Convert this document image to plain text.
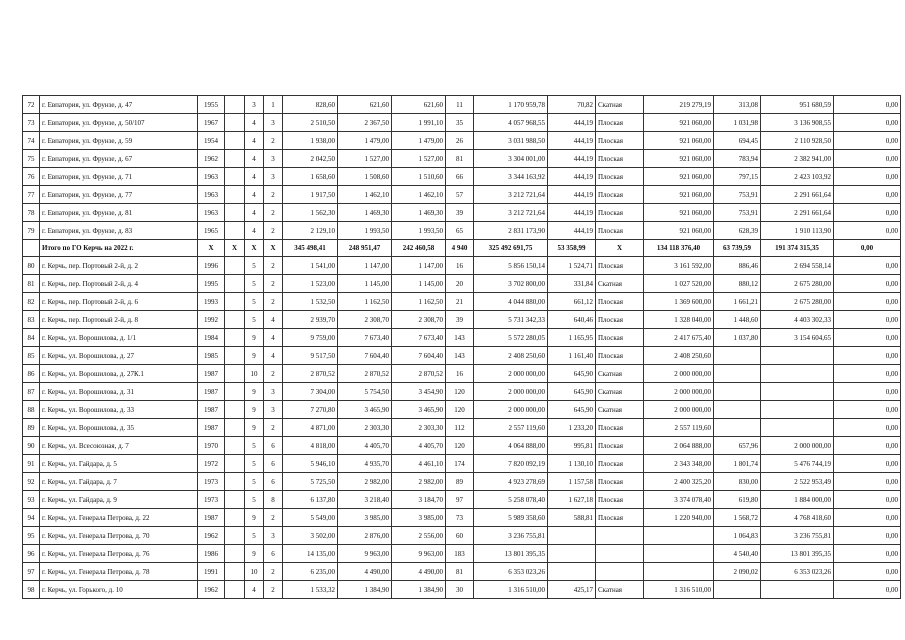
72	г. Евпатория, ул. Фрунзе, д. 47	1955		3	1	828,60	621,60	621,60	11	1 170 959,78	70,82	Скатная	219 279,19	313,08	951 680,59	0,00
73	г. Евпатория, ул. Фрунзе, д. 50/107	1967		4	3	2 510,50	2 367,50	1 991,10	35	4 057 968,55	444,19	Плоская	921 060,00	1 031,98	3 136 908,55	0,00
74	г. Евпатория, ул. Фрунзе, д. 59	1954		4	2	1 938,00	1 479,00	1 479,00	26	3 031 988,50	444,19	Плоская	921 060,00	694,45	2 110 928,50	0,00
75	г. Евпатория, ул. Фрунзе, д. 67	1962		4	3	2 042,50	1 527,00	1 527,00	81	3 304 001,00	444,19	Плоская	921 060,00	783,94	2 382 941,00	0,00
76	г. Евпатория, ул. Фрунзе, д. 71	1963		4	3	1 658,60	1 508,60	1 510,60	66	3 344 163,92	444,19	Плоская	921 060,00	797,15	2 423 103,92	0,00
77	г. Евпатория, ул. Фрунзе, д. 77	1963		4	2	1 917,50	1 462,10	1 462,10	57	3 212 721,64	444,19	Плоская	921 060,00	753,91	2 291 661,64	0,00
78	г. Евпатория, ул. Фрунзе, д. 81	1963		4	2	1 562,30	1 469,30	1 469,30	39	3 212 721,64	444,19	Плоская	921 060,00	753,91	2 291 661,64	0,00
79	г. Евпатория, ул. Фрунзе, д. 83	1965		4	2	2 129,10	1 993,50	1 993,50	65	2 831 173,90	444,19	Плоская	921 060,00	628,39	1 910 113,90	0,00
	Итого по ГО Керчь на 2022 г.	X	X	X	X	345 498,41	248 951,47	242 460,58	4 940	325 492 691,75	53 358,99	X	134 118 376,40	63 739,59	191 374 315,35	0,00
80	г. Керчь, пер. Портовый 2-й, д. 2	1996		5	2	1 541,00	1 147,00	1 147,00	16	5 856 150,14	1 524,71	Плоская	3 161 592,00	886,46	2 694 558,14	0,00
81	г. Керчь, пер. Портовый 2-й, д. 4	1995		5	2	1 523,00	1 145,00	1 145,00	20	3 702 800,00	331,84	Скатная	1 027 520,00	880,12	2 675 280,00	0,00
82	г. Керчь, пер. Портовый 2-й, д. 6	1993		5	2	1 532,50	1 162,50	1 162,50	21	4 044 880,00	661,12	Плоская	1 369 600,00	1 661,21	2 675 280,00	0,00
83	г. Керчь, пер. Портовый 2-й, д. 8	1992		5	4	2 939,70	2 308,70	2 308,70	39	5 731 342,33	640,46	Плоская	1 328 040,00	1 448,60	4 403 302,33	0,00
84	г. Керчь, ул. Ворошилова, д. 1/1	1984		9	4	9 759,00	7 673,40	7 673,40	143	5 572 280,05	1 165,95	Плоская	2 417 675,40	1 037,80	3 154 604,65	0,00
85	г. Керчь, ул. Ворошилова, д. 27	1985		9	4	9 517,50	7 604,40	7 604,40	143	2 408 250,60	1 161,40	Плоская	2 408 250,60			0,00
86	г. Керчь, ул. Ворошилова, д. 27К.1	1987		10	2	2 870,52	2 870,52	2 870,52	16	2 000 000,00	645,90	Скатная	2 000 000,00			0,00
87	г. Керчь, ул. Ворошилова, д. 31	1987		9	3	7 304,00	5 754,50	3 454,90	120	2 000 000,00	645,90	Скатная	2 000 000,00			0,00
88	г. Керчь, ул. Ворошилова, д. 33	1987		9	3	7 270,80	3 465,90	3 465,90	120	2 000 000,00	645,90	Скатная	2 000 000,00			0,00
89	г. Керчь, ул. Ворошилова, д. 35	1987		9	2	4 871,00	2 303,30	2 303,30	112	2 557 119,60	1 233,20	Плоская	2 557 119,60			0,00
90	г. Керчь, ул. Всесоюзная, д. 7	1970		5	6	4 818,00	4 405,70	4 405,70	120	4 064 888,00	995,81	Плоская	2 064 888,00	657,96	2 000 000,00	0,00
91	г. Керчь, ул. Гайдара, д. 5	1972		5	6	5 946,10	4 935,70	4 461,10	174	7 820 092,19	1 130,10	Плоская	2 343 348,00	1 801,74	5 476 744,19	0,00
92	г. Керчь, ул. Гайдара, д. 7	1973		5	6	5 725,50	2 982,00	2 982,00	89	4 923 278,69	1 157,58	Плоская	2 400 325,20	830,00	2 522 953,49	0,00
93	г. Керчь, ул. Гайдара, д. 9	1973		5	8	6 137,80	3 218,40	3 184,70	97	5 258 078,40	1 627,18	Плоская	3 374 078,40	619,80	1 884 000,00	0,00
94	г. Керчь, ул. Генерала Петрова, д. 22	1987		9	2	5 549,00	3 985,00	3 985,00	73	5 989 358,60	588,81	Плоская	1 220 940,00	1 568,72	4 768 418,60	0,00
95	г. Керчь, ул. Генерала Петрова, д. 70	1962		5	3	3 502,00	2 876,00	2 556,00	60	3 236 755,81				1 064,83	3 236 755,81	0,00
96	г. Керчь, ул. Генерала Петрова, д. 76	1986		9	6	14 135,00	9 963,00	9 963,00	183	13 801 395,35				4 540,40	13 801 395,35	0,00
97	г. Керчь, ул. Генерала Петрова, д. 78	1991		10	2	6 235,00	4 490,00	4 490,00	81	6 353 023,26				2 090,02	6 353 023,26	0,00
98	г. Керчь, ул. Горького, д. 10	1962		4	2	1 533,32	1 384,90	1 384,90	30	1 316 510,00	425,17	Скатная	1 316 510,00			0,00
